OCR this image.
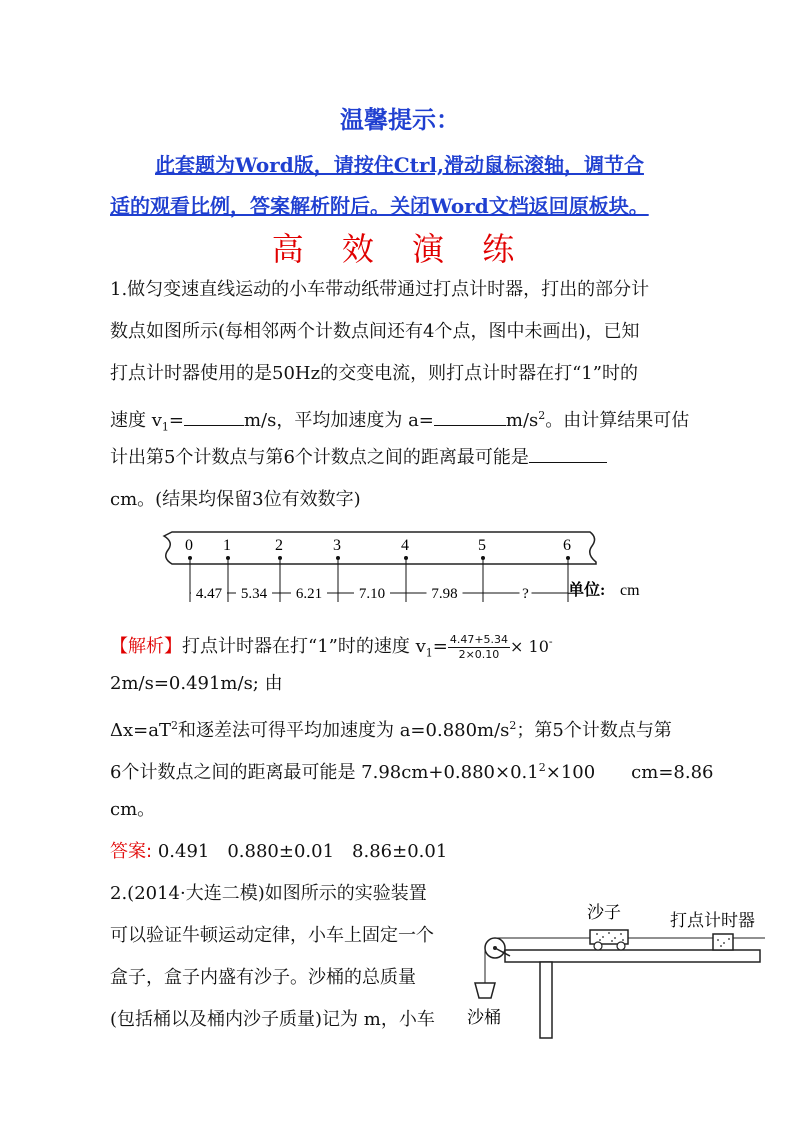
温馨提示：
此套题为Word版，请按住Ctrl,滑动鼠标滚轴，调节合
适的观看比例，答案解析附后。关闭Word文档返回原板块。
高 效 演 练
1.做匀变速直线运动的小车带动纸带通过打点计时器，打出的部分计
数点如图所示(每相邻两个计数点间还有4个点，图中未画出)，已知
打点计时器使用的是50Hz的交变电流，则打点计时器在打“1”时的
速度 $v_1=$	m/s，平均加速度为 a=	$m/s^2$。由计算结果可估
计出第5个计数点与第6个计数点之间的距离最可能是
cm。(结果均保留3位有效数字)
0 1	2	3	4	5	6
4.47 5.34 6.21 7.10	7.98	? 单位: cm
【解析】打点计时器在打“1”时的速度 $v_1= \frac{4.47+5.34}{2\times 0.10} \times 10^-$
2m/s=0.491m/s; 由
$\Delta x=aT^2$和逐差法可得平均加速度为 $a=0.880m/s^2$；第5个计数点与第
6个计数点之间的距离最可能是 $7.98cm+0.880\times 0.1^2\times 100$　　cm=8.86
cm。
答案: 0.491　0.880±0.01　8.86±0.01
2.(2014·大连二模)如图所示的实验装置
可以验证牛顿运动定律，小车上固定一个
盒子，盒子内盛有沙子。沙桶的总质量
(包括桶以及桶内沙子质量)记为 m，小车
沙子	打点计时器
沙桶
